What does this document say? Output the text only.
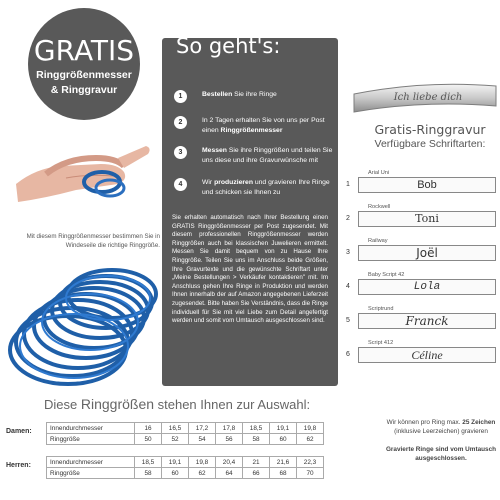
GRATIS
Ringgrößenmesser
& Ringgravur
Mit diesem Ringgrößenmesser bestimmen Sie in Windeseile die richtige Ringgröße.
1	Bestellen Sie ihre Ringe
2	In 2 Tagen erhalten Sie von uns per Post einen Ringgrößenmesser
3	Messen Sie ihre Ringgrößen und teilen Sie uns diese und ihre Gravurwünsche mit
4	Wir produzieren und gravieren Ihre Ringe und schicken sie Ihnen zu
Sie erhalten automatisch nach Ihrer Bestellung einen GRATIS Ringgrößenmesser per Post zugesendet. Mit diesem professionellen Ringgrößenmesser werden Ringgrößen auch bei klassischen Juwelieren ermittelt. Messen Sie damit bequem von zu Hause Ihre Ringgröße. Teilen Sie uns im Anschluss beide Größen, Ihre Gravurtexte und die gewünschte Schriftart unter „Meine Bestellungen > Verkäufer kontaktieren" mit. Im Anschluss gehen Ihre Ringe in Produktion und werden Ihnen innerhalb der auf Amazon angegebenen Lieferzeit zugesendet. Bitte haben Sie Verständnis, dass die Ringe individuell für Sie mit viel Liebe zum Detail angefertigt werden und somit vom Umtausch ausgeschlossen sind.
So geht's:
Ich liebe dich
Gratis-Ringgravur
Verfügbare Schriftarten:
Arial Uni
1	Bob
Rockwell
2	Toni
Railway
3	Joël
Baby Script 42
4	Lola
Scriptrund
5	Franck
Script 412
6	Céline
Diese Ringgrößen stehen Ihnen zur Auswahl:
Damen:	Innendurchmesser	16	16,5	17,2	17,8	18,5	19,1	19,8
Ringgröße	50	52	54	56	58	60	62
Herren:	Innendurchmesser	18,5	19,1	19,8	20,4	21	21,6	22,3
Ringgröße	58	60	62	64	66	68	70
Wir können pro Ring max. 25 Zeichen (inklusive Leerzeichen) gravieren

Gravierte Ringe sind vom Umtausch ausgeschlossen.
